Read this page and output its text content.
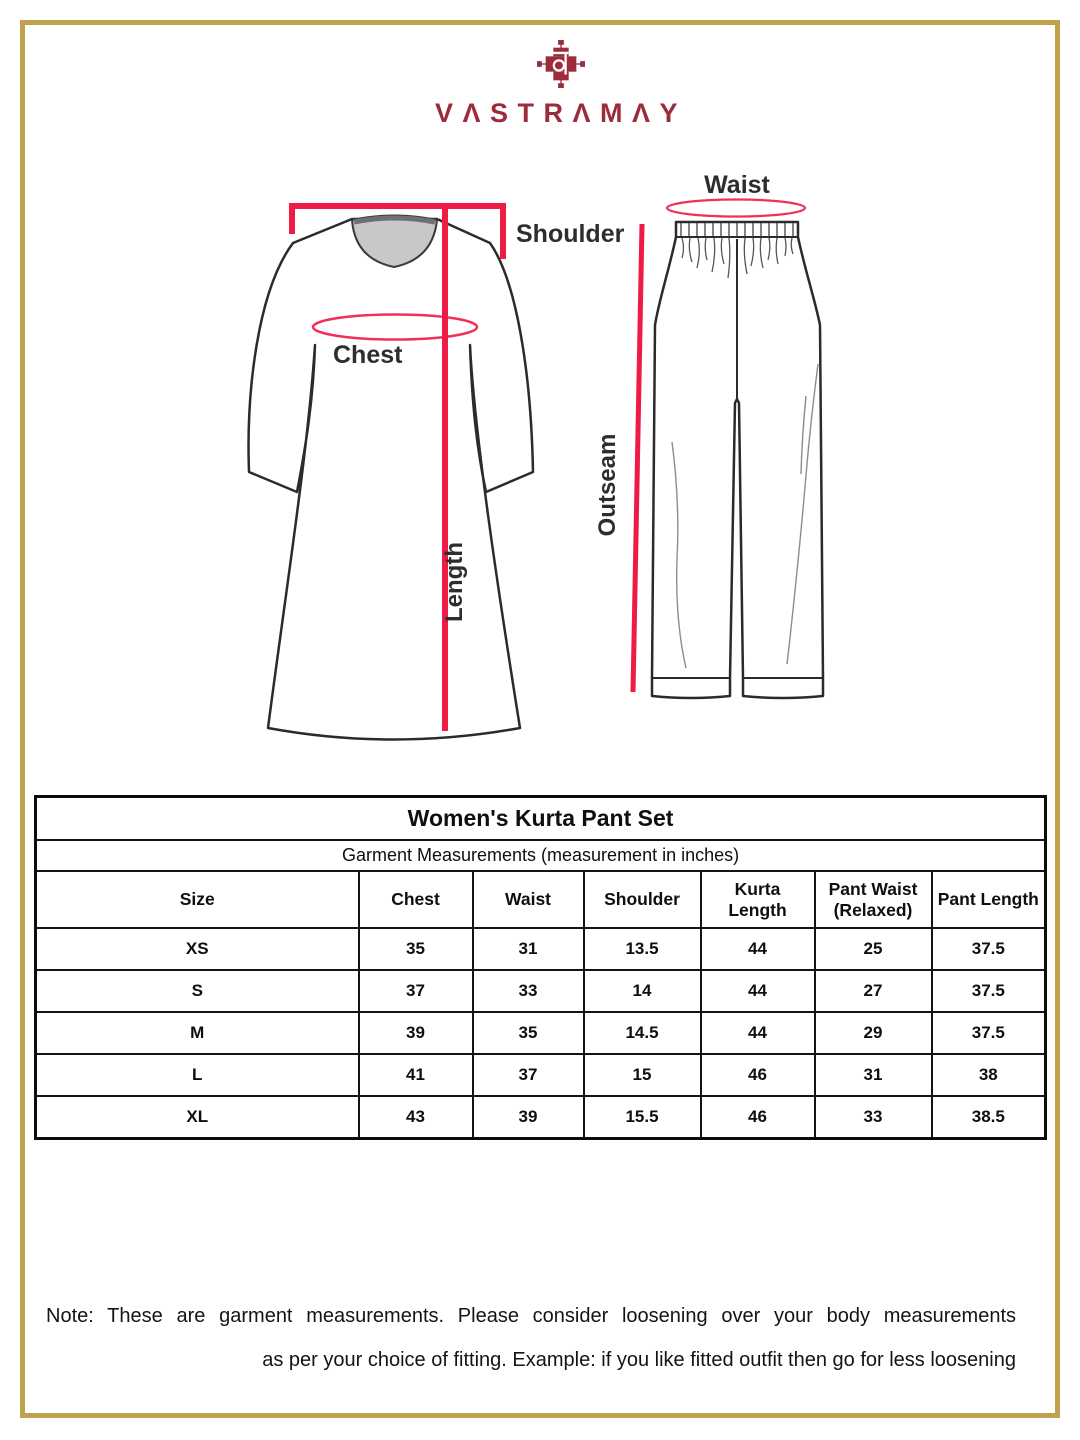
VΛSTRΛMΛY
Shoulder
Chest
Length
Waist
Outseam
Women's Kurta Pant Set						
Garment Measurements (measurement in inches)						
Size	Chest	Waist	Shoulder	Kurta Length	Pant Waist (Relaxed)	Pant Length
XS	35	31	13.5	44	25	37.5
S	37	33	14	44	27	37.5
M	39	35	14.5	44	29	37.5
L	41	37	15	46	31	38
XL	43	39	15.5	46	33	38.5
Note: These are garment measurements. Please consider loosening over your body measurements
as per your choice of fitting. Example: if you like fitted outfit then go for less loosening
